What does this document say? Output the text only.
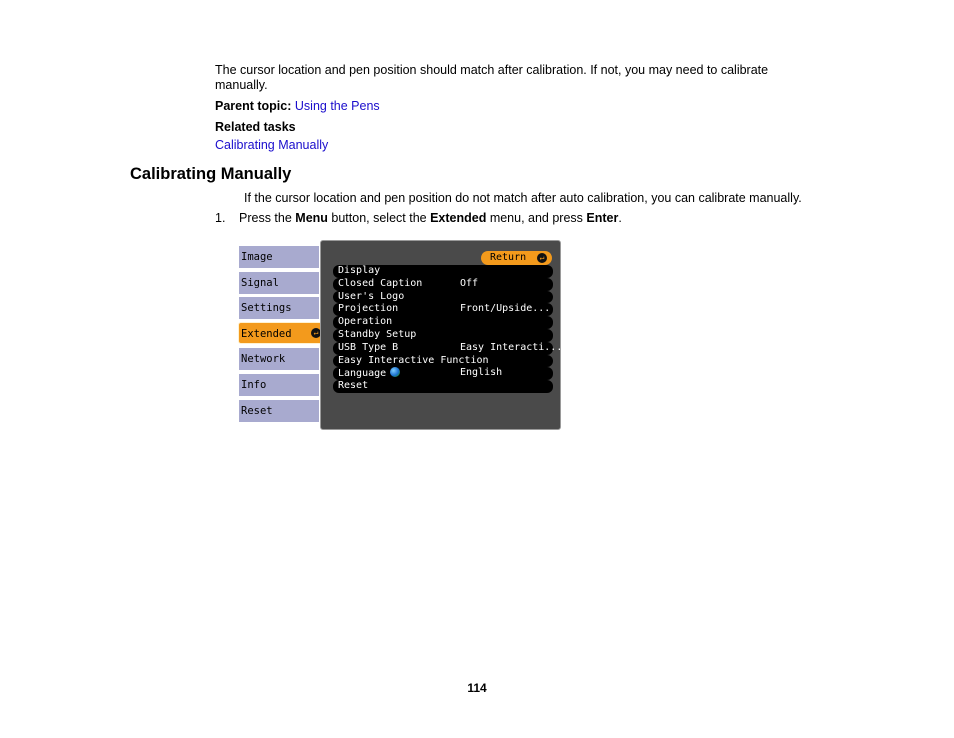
The cursor location and pen position should match after calibration. If not, you may need to calibrate manually.
Parent topic: Using the Pens
Related tasks
Calibrating Manually
Calibrating Manually
If the cursor location and pen position do not match after auto calibration, you can calibrate manually.
1. Press the Menu button, select the Extended menu, and press Enter.
Image
Signal
Settings
Extended	↵
Network
Info
Reset
Return	↵
Display
Closed Caption	Off
User's Logo
Projection	Front/Upside...
Operation
Standby Setup
USB Type B	Easy Interacti...
Easy Interactive Function
Language	English
Reset
114
